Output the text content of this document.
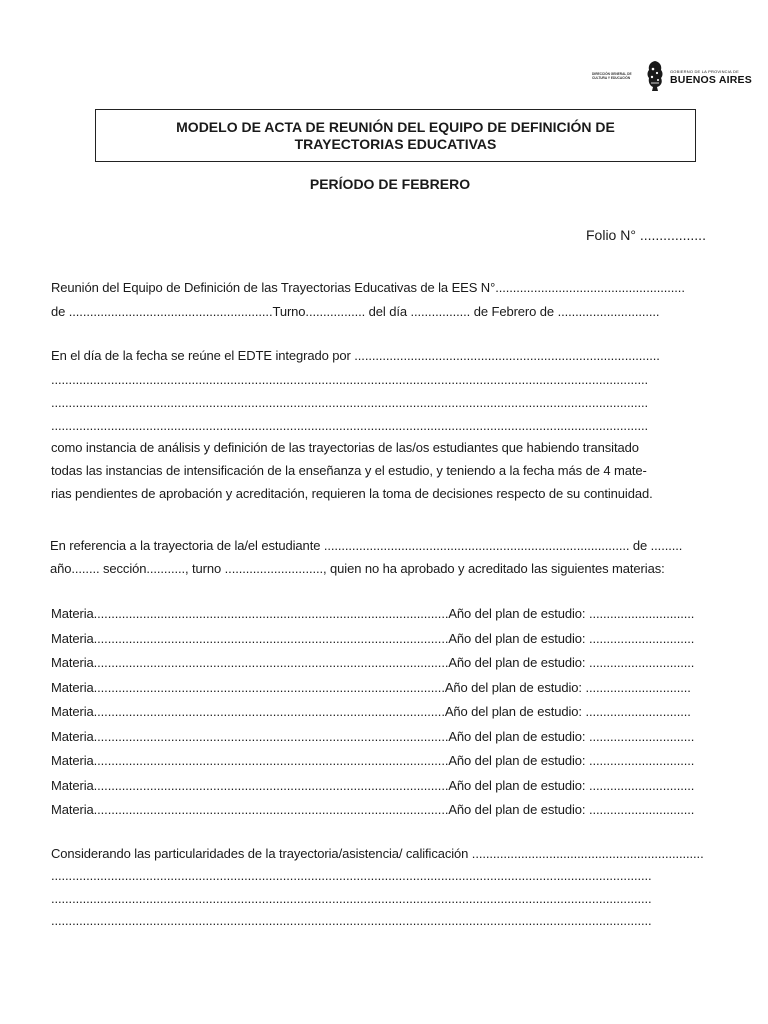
DIRECCIÓN GENERAL DE CULTURA Y EDUCACIÓN
GOBIERNO DE LA PROVINCIA DE
BUENOS AIRES
MODELO DE ACTA DE REUNIÓN DEL EQUIPO DE DEFINICIÓN DE
TRAYECTORIAS EDUCATIVAS
PERÍODO DE FEBRERO
Folio N° .................
Reunión del Equipo de Definición de las Trayectorias Educativas de la EES N°......................................................
de ..........................................................Turno................. del día ................. de Febrero de .............................
En el día de la fecha se reúne el EDTE integrado por .......................................................................................
..........................................................................................................................................................................
..........................................................................................................................................................................
..........................................................................................................................................................................
como instancia de análisis y definición de las trayectorias de las/os estudiantes que habiendo transitado
todas las instancias de intensificación de la enseñanza y el estudio, y teniendo a la fecha más de 4 mate-
rias pendientes de aprobación y acreditación, requieren la toma de decisiones respecto de su continuidad.
En referencia a la trayectoria de la/el estudiante ....................................................................................... de .........
año........ sección..........., turno ............................, quien no ha aprobado y acreditado las siguientes materias:
Materia.....................................................................................................Año del plan de estudio: ..............................
Materia.....................................................................................................Año del plan de estudio: ..............................
Materia.....................................................................................................Año del plan de estudio: ..............................
Materia....................................................................................................Año del plan de estudio: ..............................
Materia....................................................................................................Año del plan de estudio: ..............................
Materia.....................................................................................................Año del plan de estudio: ..............................
Materia.....................................................................................................Año del plan de estudio: ..............................
Materia.....................................................................................................Año del plan de estudio: ..............................
Materia.....................................................................................................Año del plan de estudio: ..............................
Considerando las particularidades de la trayectoria/asistencia/ calificación ..................................................................
...........................................................................................................................................................................
...........................................................................................................................................................................
...........................................................................................................................................................................
